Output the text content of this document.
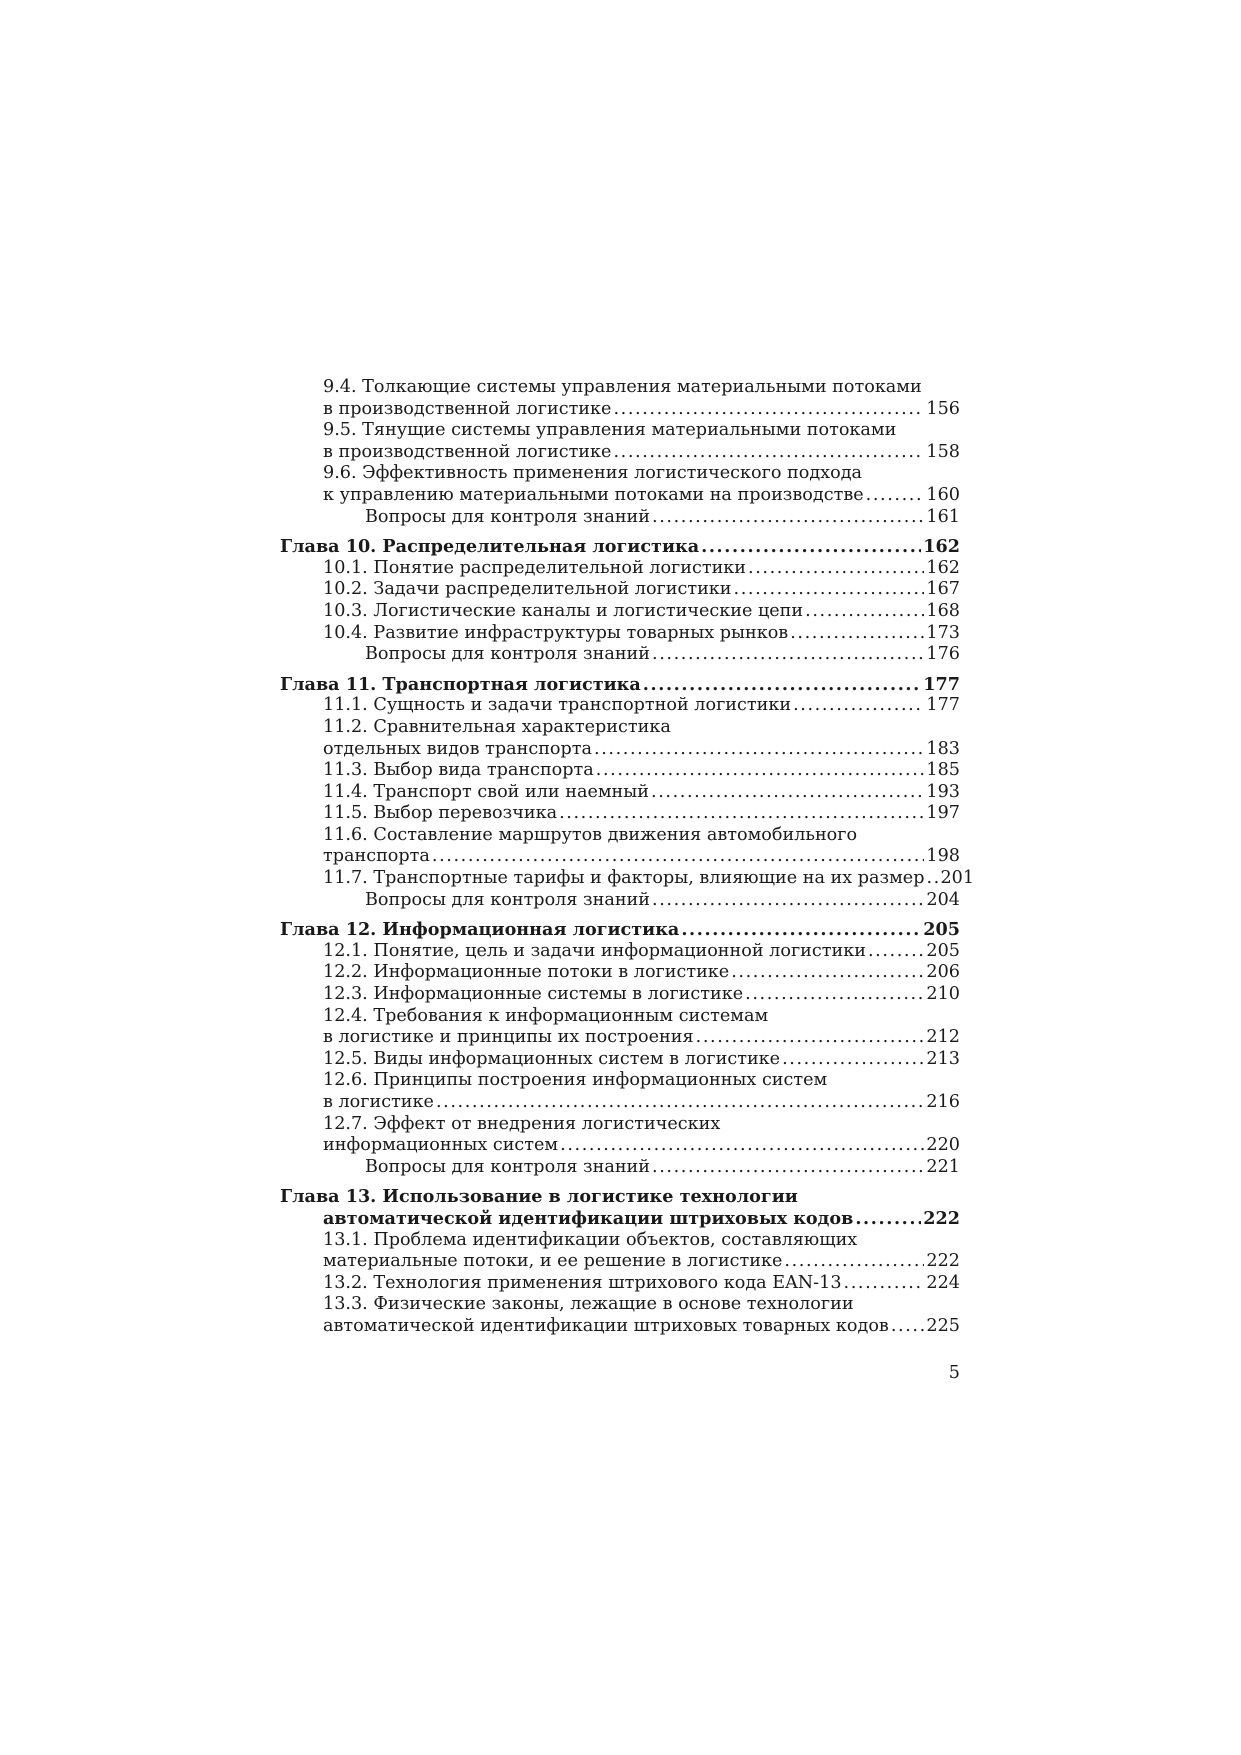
9.4. Толкающие системы управления материальными потоками
в производственной логистике .....	156
9.5. Тянущие системы управления материальными потоками
в производственной логистике .....	158
9.6. Эффективность применения логистического подхода
к управлению материальными потоками на производстве .....	160
Вопросы для контроля знаний .....	161
Глава 10. Распределительная логистика .....	162
10.1. Понятие распределительной логистики .....	162
10.2. Задачи распределительной логистики .....	167
10.3. Логистические каналы и логистические цепи .....	168
10.4. Развитие инфраструктуры товарных рынков .....	173
Вопросы для контроля знаний .....	176
Глава 11. Транспортная логистика .....	177
11.1. Сущность и задачи транспортной логистики .....	177
11.2. Сравнительная характеристика
отдельных видов транспорта .....	183
11.3. Выбор вида транспорта .....	185
11.4. Транспорт свой или наемный .....	193
11.5. Выбор перевозчика .....	197
11.6. Составление маршрутов движения автомобильного
транспорта .....	198
11.7. Транспортные тарифы и факторы, влияющие на их размер ..... 201
Вопросы для контроля знаний .....	204
Глава 12. Информационная логистика .....	205
12.1. Понятие, цель и задачи информационной логистики .....	205
12.2. Информационные потоки в логистике .....	206
12.3. Информационные системы в логистике .....	210
12.4. Требования к информационным системам
в логистике и принципы их построения .....	212
12.5. Виды информационных систем в логистике .....	213
12.6. Принципы построения информационных систем
в логистике .....	216
12.7. Эффект от внедрения логистических
информационных систем .....	220
Вопросы для контроля знаний .....	221
Глава 13. Использование в логистике технологии
автоматической идентификации штриховых кодов .....	222
13.1. Проблема идентификации объектов, составляющих
материальные потоки, и ее решение в логистике .....	222
13.2. Технология применения штрихового кода EAN-13 .....	224
13.3. Физические законы, лежащие в основе технологии
автоматической идентификации штриховых товарных кодов ..... 225
5
